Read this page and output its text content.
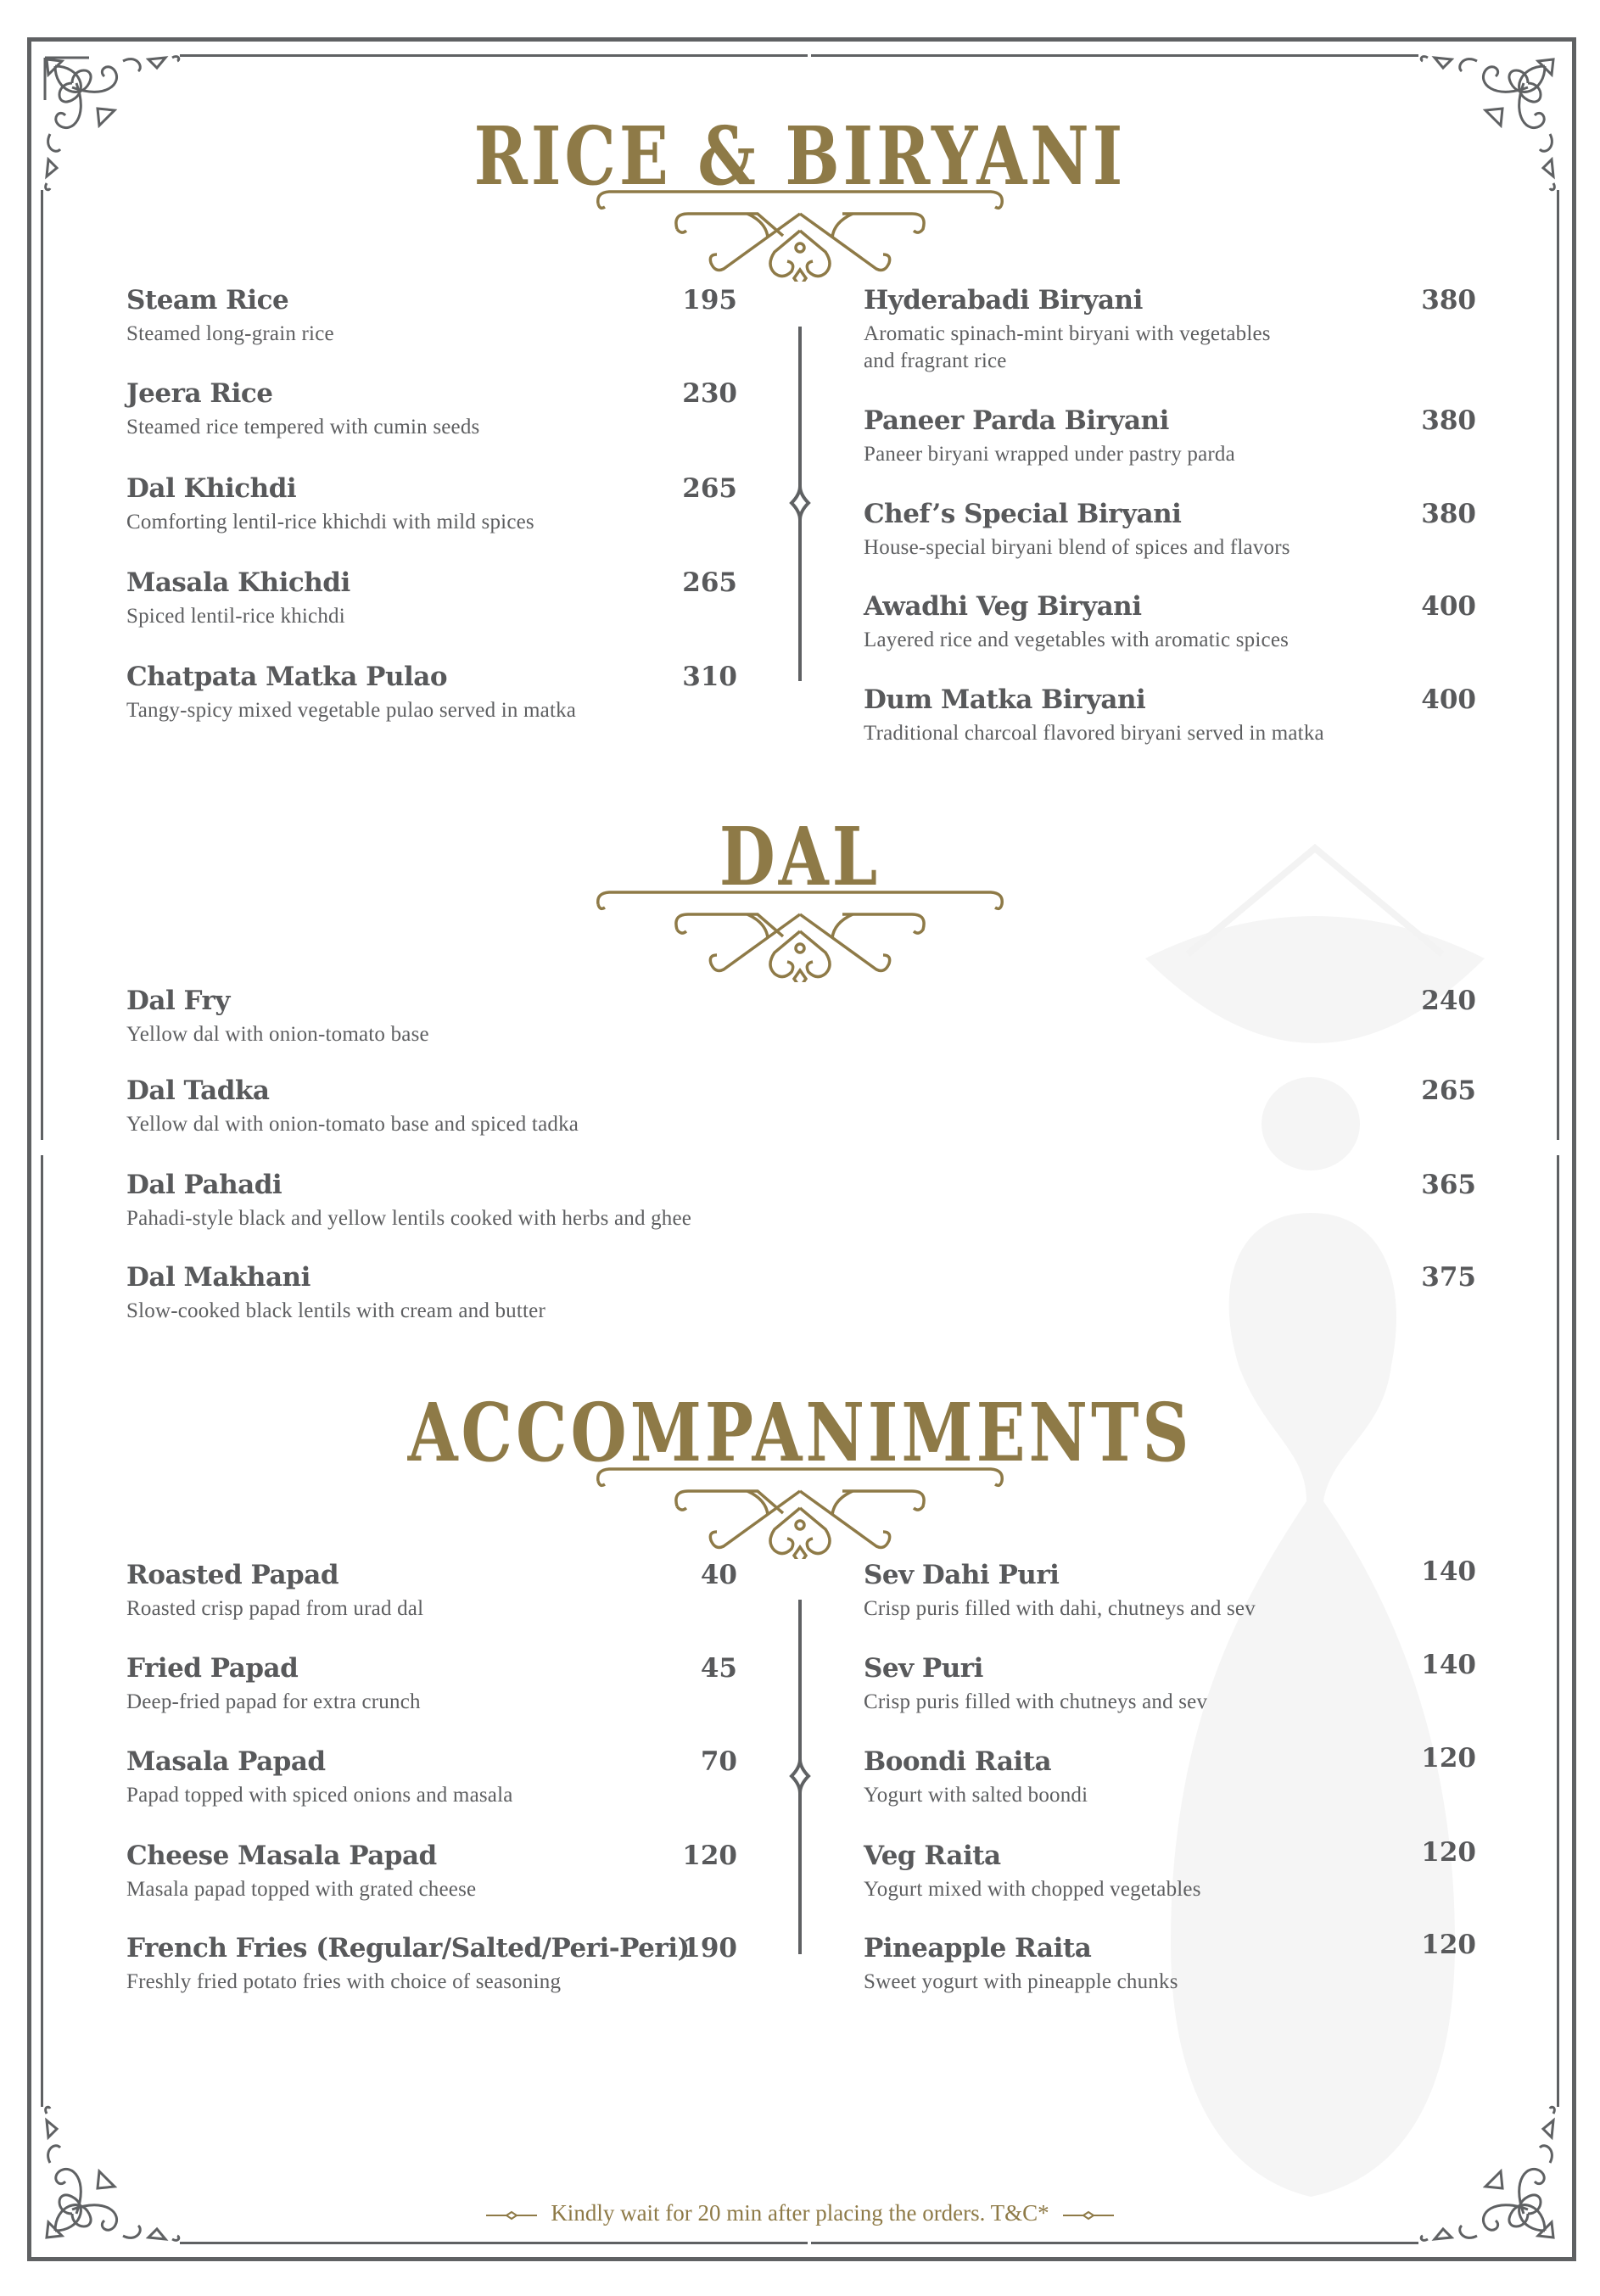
RICE & BIRYANI
Steam Rice
Steamed long-grain rice
195
Jeera Rice
Steamed rice tempered with cumin seeds
230
Dal Khichdi
Comforting lentil-rice khichdi with mild spices
265
Masala Khichdi
Spiced lentil-rice khichdi
265
Chatpata Matka Pulao
Tangy-spicy mixed vegetable pulao served in matka
310
Hyderabadi Biryani
Aromatic spinach-mint biryani with vegetables
and fragrant rice
380
Paneer Parda Biryani
Paneer biryani wrapped under pastry parda
380
Chef’s Special Biryani
House-special biryani blend of spices and flavors
380
Awadhi Veg Biryani
Layered rice and vegetables with aromatic spices
400
Dum Matka Biryani
Traditional charcoal flavored biryani served in matka
400
DAL
Dal Fry
Yellow dal with onion-tomato base
240
Dal Tadka
Yellow dal with onion-tomato base and spiced tadka
265
Dal Pahadi
Pahadi-style black and yellow lentils cooked with herbs and ghee
365
Dal Makhani
Slow-cooked black lentils with cream and butter
375
ACCOMPANIMENTS
Roasted Papad
Roasted crisp papad from urad dal
40
Fried Papad
Deep-fried papad for extra crunch
45
Masala Papad
Papad topped with spiced onions and masala
70
Cheese Masala Papad
Masala papad topped with grated cheese
120
French Fries (Regular/Salted/Peri-Peri)
Freshly fried potato fries with choice of seasoning
190
Sev Dahi Puri
Crisp puris filled with dahi, chutneys and sev
140
Sev Puri
Crisp puris filled with chutneys and sev
140
Boondi Raita
Yogurt with salted boondi
120
Veg Raita
Yogurt mixed with chopped vegetables
120
Pineapple Raita
Sweet yogurt with pineapple chunks
120
Kindly wait for 20 min after placing the orders. T&C*
